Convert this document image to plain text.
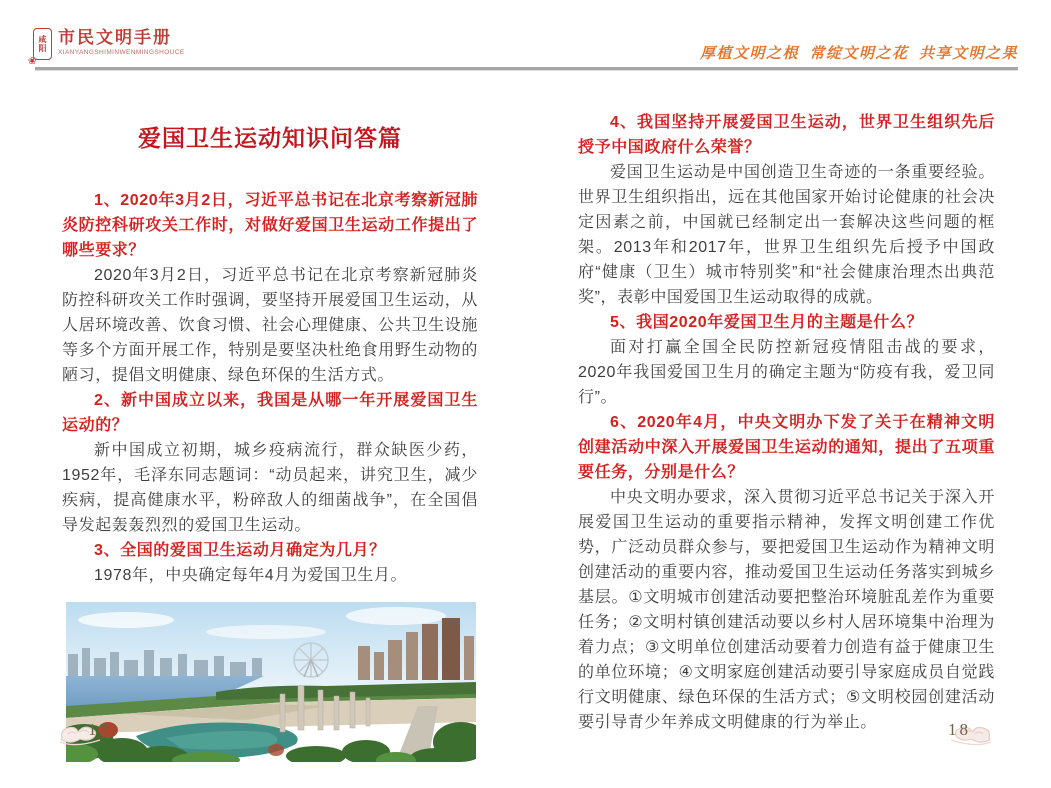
咸
阳
❀
市民文明手册
XIANYANGSHIMINWENMINGSHOUCE	厚植文明之根  常绽文明之花  共享文明之果
爱国卫生运动知识问答篇

1、2020年3月2日，习近平总书记在北京考察新冠肺炎防控科研攻关工作时，对做好爱国卫生运动工作提出了哪些要求？

2020年3月2日，习近平总书记在北京考察新冠肺炎防控科研攻关工作时强调，要坚持开展爱国卫生运动，从人居环境改善、饮食习惯、社会心理健康、公共卫生设施等多个方面开展工作，特别是要坚决杜绝食用野生动物的陋习，提倡文明健康、绿色环保的生活方式。

2、新中国成立以来，我国是从哪一年开展爱国卫生运动的？

新中国成立初期，城乡疫病流行，群众缺医少药，1952年，毛泽东同志题词：“动员起来，讲究卫生，减少疾病，提高健康水平，粉碎敌人的细菌战争”，在全国倡导发起轰轰烈烈的爱国卫生运动。

3、全国的爱国卫生运动月确定为几月？

1978年，中央确定每年4月为爱国卫生月。

4、我国坚持开展爱国卫生运动，世界卫生组织先后授予中国政府什么荣誉？

爱国卫生运动是中国创造卫生奇迹的一条重要经验。世界卫生组织指出，远在其他国家开始讨论健康的社会决定因素之前，中国就已经制定出一套解决这些问题的框架。2013年和2017年，世界卫生组织先后授予中国政府“健康（卫生）城市特别奖”和“社会健康治理杰出典范奖”，表彰中国爱国卫生运动取得的成就。

5、我国2020年爱国卫生月的主题是什么？

面对打赢全国全民防控新冠疫情阻击战的要求，2020年我国爱国卫生月的确定主题为“防疫有我，爱卫同行”。

6、2020年4月，中央文明办下发了关于在精神文明创建活动中深入开展爱国卫生运动的通知，提出了五项重要任务，分别是什么？

中央文明办要求，深入贯彻习近平总书记关于深入开展爱国卫生运动的重要指示精神，发挥文明创建工作优势，广泛动员群众参与，要把爱国卫生运动作为精神文明创建活动的重要内容，推动爱国卫生运动任务落实到城乡基层。①文明城市创建活动要把整治环境脏乱差作为重要任务；②文明村镇创建活动要以乡村人居环境集中治理为着力点；③文明单位创建活动要着力创造有益于健康卫生的单位环境；④文明家庭创建活动要引导家庭成员自觉践行文明健康、绿色环保的生活方式；⑤文明校园创建活动要引导青少年养成文明健康的行为举止。

17	18
